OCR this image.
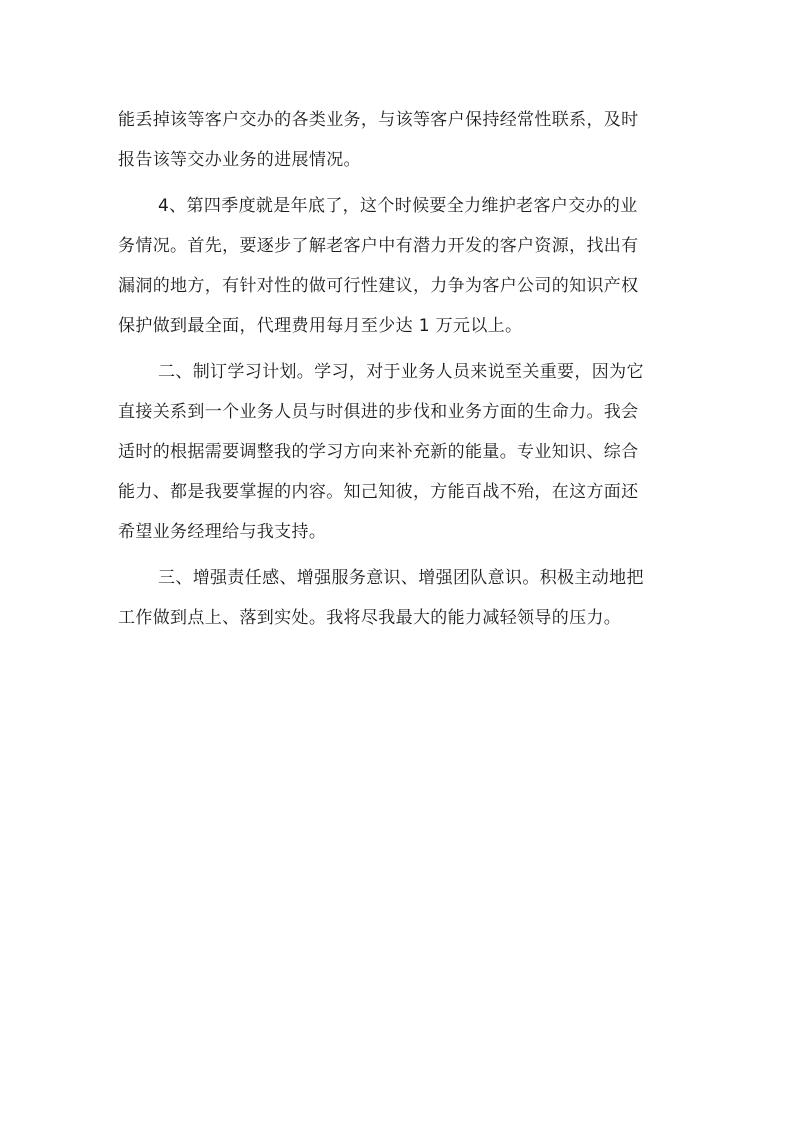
能丢掉该等客户交办的各类业务，与该等客户保持经常性联系，及时
报告该等交办业务的进展情况。
4、第四季度就是年底了，这个时候要全力维护老客户交办的业
务情况。首先，要逐步了解老客户中有潜力开发的客户资源，找出有
漏洞的地方，有针对性的做可行性建议，力争为客户公司的知识产权
保护做到最全面，代理费用每月至少达 1 万元以上。
二、制订学习计划。学习，对于业务人员来说至关重要，因为它
直接关系到一个业务人员与时俱进的步伐和业务方面的生命力。我会
适时的根据需要调整我的学习方向来补充新的能量。专业知识、综合
能力、都是我要掌握的内容。知己知彼，方能百战不殆，在这方面还
希望业务经理给与我支持。
三、增强责任感、增强服务意识、增强团队意识。积极主动地把
工作做到点上、落到实处。我将尽我最大的能力减轻领导的压力。
